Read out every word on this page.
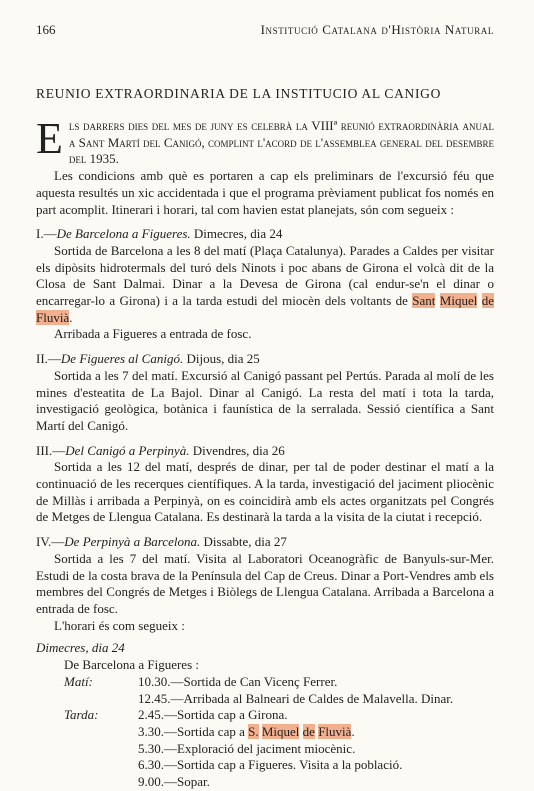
166	Institució Catalana d'Història Natural
REUNIO EXTRAORDINARIA DE LA INSTITUCIO AL CANIGO

Els darrers dies del mes de juny es celebrà la VIIIª reunió extraordinària anual a Sant Martí del Canigó, complint l'acord de l'assemblea general del desembre del 1935.

Les condicions amb què es portaren a cap els preliminars de l'excursió féu que aquesta resultés un xic accidentada i que el programa prèviament publicat fos només en part acomplit. Itinerari i horari, tal com havien estat planejats, són com segueix :

I.—De Barcelona a Figueres. Dimecres, dia 24

Sortida de Barcelona a les 8 del matí (Plaça Catalunya). Parades a Caldes per visitar els dipòsits hidrotermals del turó dels Ninots i poc abans de Girona el volcà dit de la Closa de Sant Dalmai. Dinar a la Devesa de Girona (cal endur-se'n el dinar o encarregar-lo a Girona) i a la tarda estudi del miocèn dels voltants de Sant Miquel de Fluvià.

Arribada a Figueres a entrada de fosc.

II.—De Figueres al Canigó. Dijous, dia 25

Sortida a les 7 del matí. Excursió al Canigó passant pel Pertús. Parada al molí de les mines d'esteatita de La Bajol. Dinar al Canigó. La resta del matí i tota la tarda, investigació geològica, botànica i faunística de la serralada. Sessió científica a Sant Martí del Canigó.

III.—Del Canigó a Perpinyà. Divendres, dia 26

Sortida a les 12 del matí, després de dinar, per tal de poder destinar el matí a la continuació de les recerques científiques. A la tarda, investigació del jaciment pliocènic de Millàs i arribada a Perpinyà, on es coincidirà amb els actes organitzats pel Congrés de Metges de Llengua Catalana. Es destinarà la tarda a la visita de la ciutat i recepció.

IV.—De Perpinyà a Barcelona. Dissabte, dia 27

Sortida a les 7 del matí. Visita al Laboratori Oceanogràfic de Banyuls-sur-Mer. Estudi de la costa brava de la Península del Cap de Creus. Dinar a Port-Vendres amb els membres del Congrés de Metges i Biòlegs de Llengua Catalana. Arribada a Barcelona a entrada de fosc.

L'horari és com segueix :

Dimecres, dia 24
De Barcelona a Figueres :
Matí:	10.30.—Sortida de Can Vicenç Ferrer.
12.45.—Arribada al Balneari de Caldes de Malavella. Dinar.
Tarda:	2.45.—Sortida cap a Girona.
3.30.—Sortida cap a S. Miquel de Fluvià.
5.30.—Exploració del jaciment miocènic.
6.30.—Sortida cap a Figueres. Visita a la població.
9.00.—Sopar.
